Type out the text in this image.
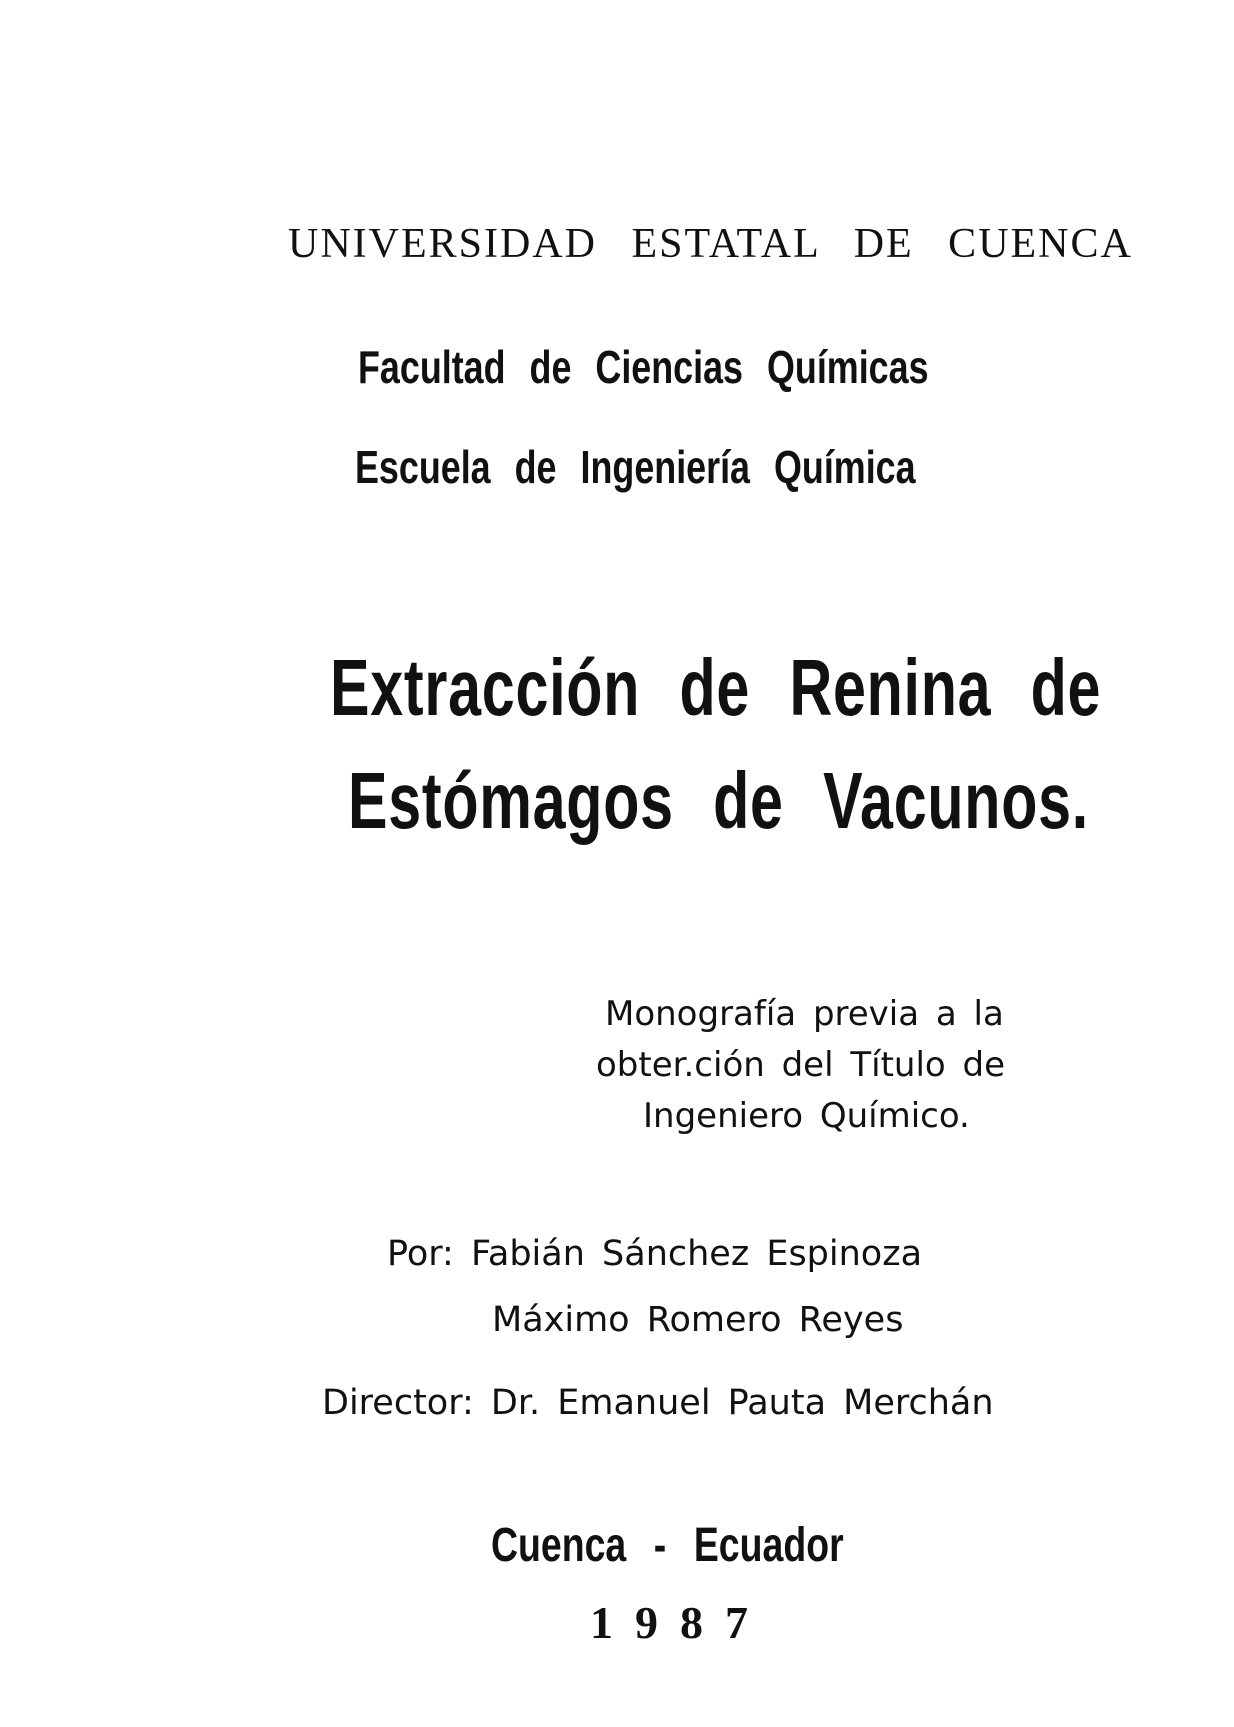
UNIVERSIDAD ESTATAL DE CUENCA
Facultad de Ciencias Químicas
Escuela de Ingeniería Química
Extracción de Renina de
Estómagos de Vacunos.
Monografía previa a la
obter.ción del Título de
Ingeniero Químico.
Por: Fabián Sánchez Espinoza
Máximo Romero Reyes
Director: Dr. Emanuel Pauta Merchán
Cuenca - Ecuador
1987
